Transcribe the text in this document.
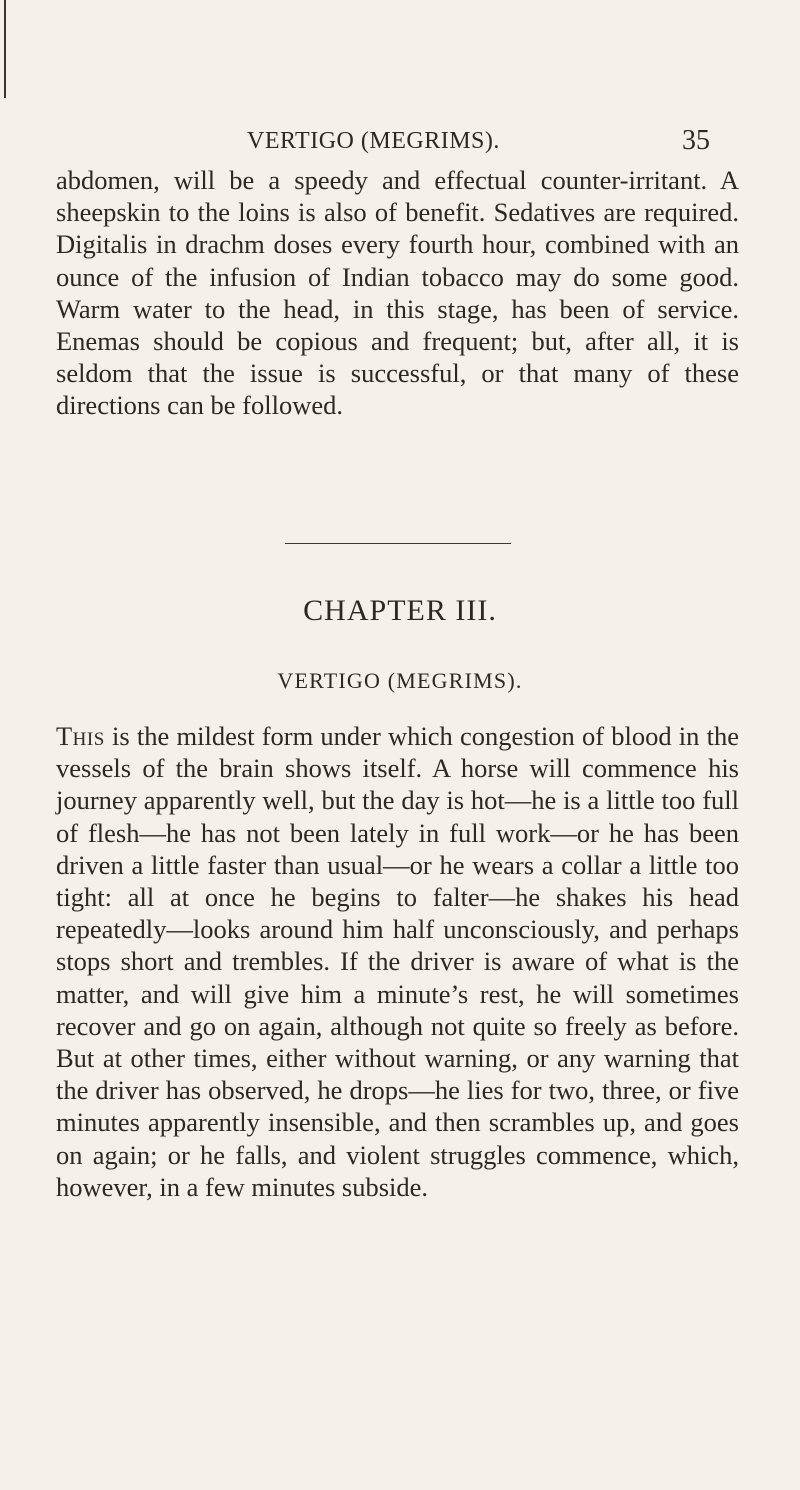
VERTIGO (MEGRIMS).	35

abdomen, will be a speedy and effectual counter-irritant. A sheepskin to the loins is also of benefit. Sedatives are required. Digitalis in drachm doses every fourth hour, combined with an ounce of the infusion of Indian tobacco may do some good. Warm water to the head, in this stage, has been of service. Enemas should be copious and frequent; but, after all, it is seldom that the issue is successful, or that many of these directions can be followed.

CHAPTER III.
VERTIGO (MEGRIMS).

This is the mildest form under which congestion of blood in the vessels of the brain shows itself. A horse will commence his journey apparently well, but the day is hot—he is a little too full of flesh—he has not been lately in full work—or he has been driven a little faster than usual—or he wears a collar a little too tight: all at once he begins to falter—he shakes his head repeatedly—looks around him half unconsciously, and perhaps stops short and trembles. If the driver is aware of what is the matter, and will give him a minute’s rest, he will sometimes recover and go on again, although not quite so freely as before. But at other times, either without warning, or any warning that the driver has observed, he drops—he lies for two, three, or five minutes apparently insensible, and then scrambles up, and goes on again; or he falls, and violent struggles commence, which, however, in a few minutes subside.
